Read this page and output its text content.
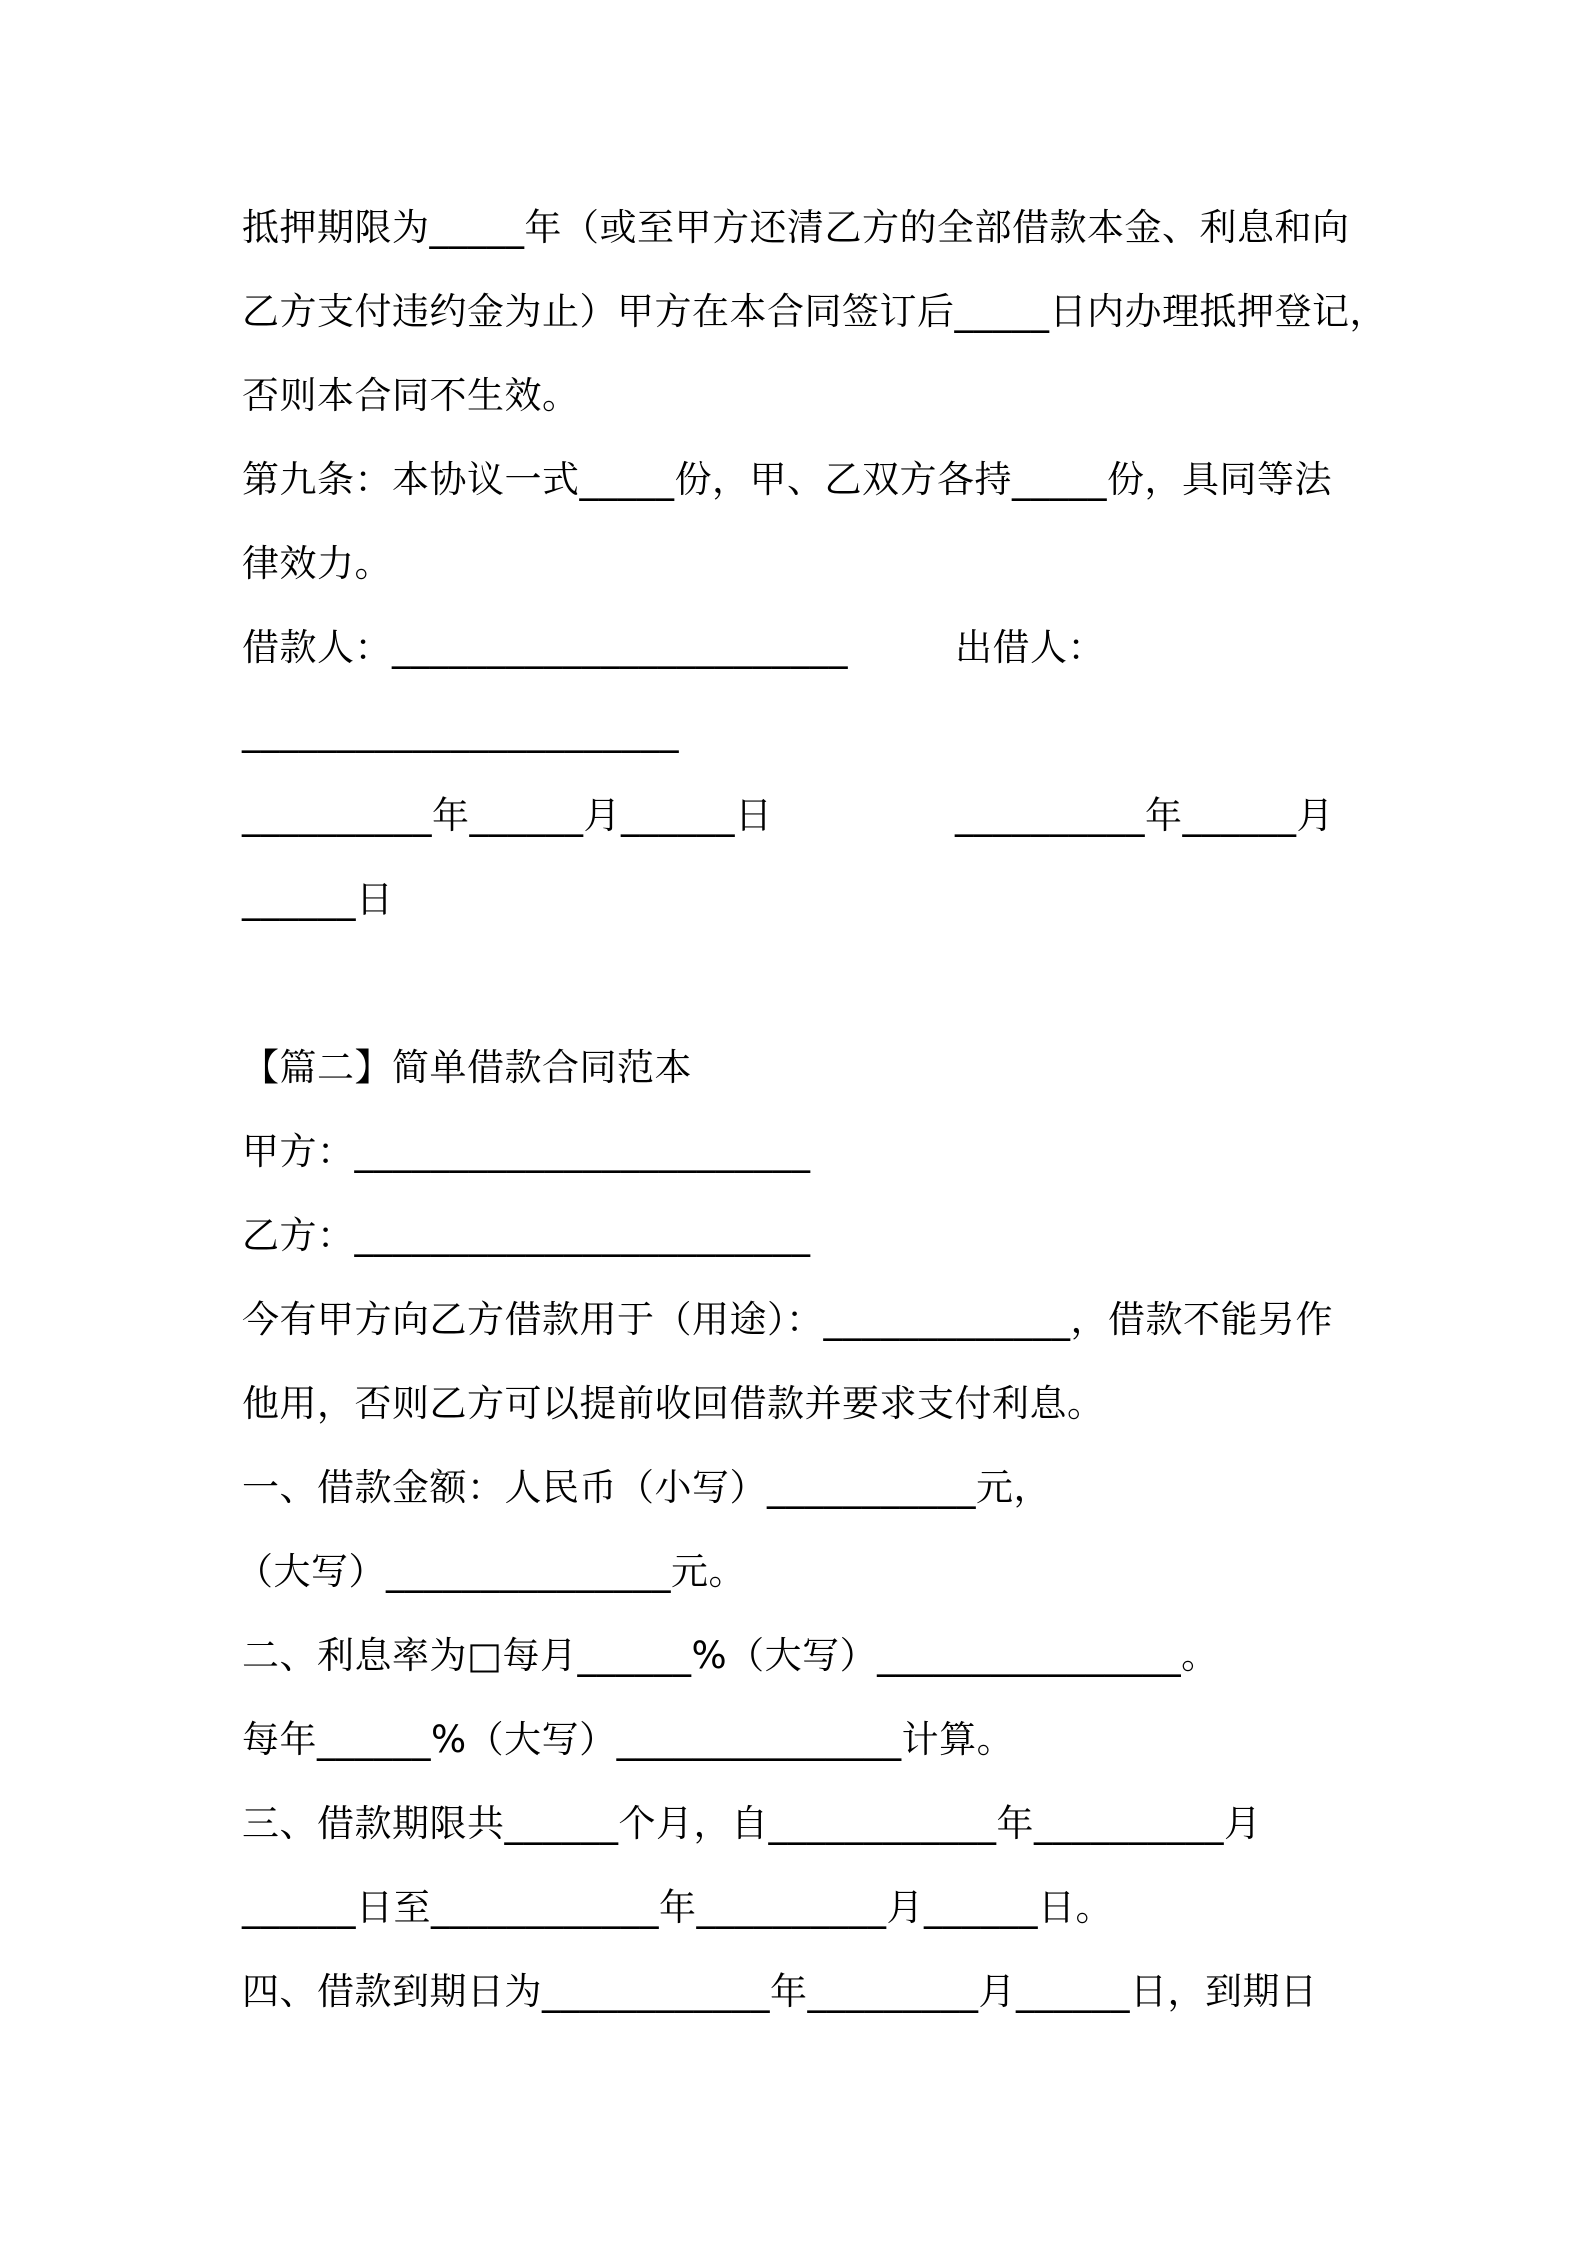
抵押期限为_____年（或至甲方还清乙方的全部借款本金、利息和向
乙方支付违约金为止）甲方在本合同签订后_____日内办理抵押登记，
否则本合同不生效。
第九条：本协议一式_____份，甲、乙双方各持_____份，具同等法
律效力。
借款人：________________________	出借人：
_______________________
__________年______月______日	__________年______月
______日
【篇二】简单借款合同范本
甲方：________________________
乙方：________________________
今有甲方向乙方借款用于（用途）：_____________，借款不能另作
他用，否则乙方可以提前收回借款并要求支付利息。
一、借款金额：人民币（小写）___________元，
（大写）_______________元。
二、利息率为□每月______%（大写）________________。
每年______%（大写）_______________计算。
三、借款期限共______个月，自____________年__________月
______日至____________年__________月______日。
四、借款到期日为____________年_________月______日，到期日
